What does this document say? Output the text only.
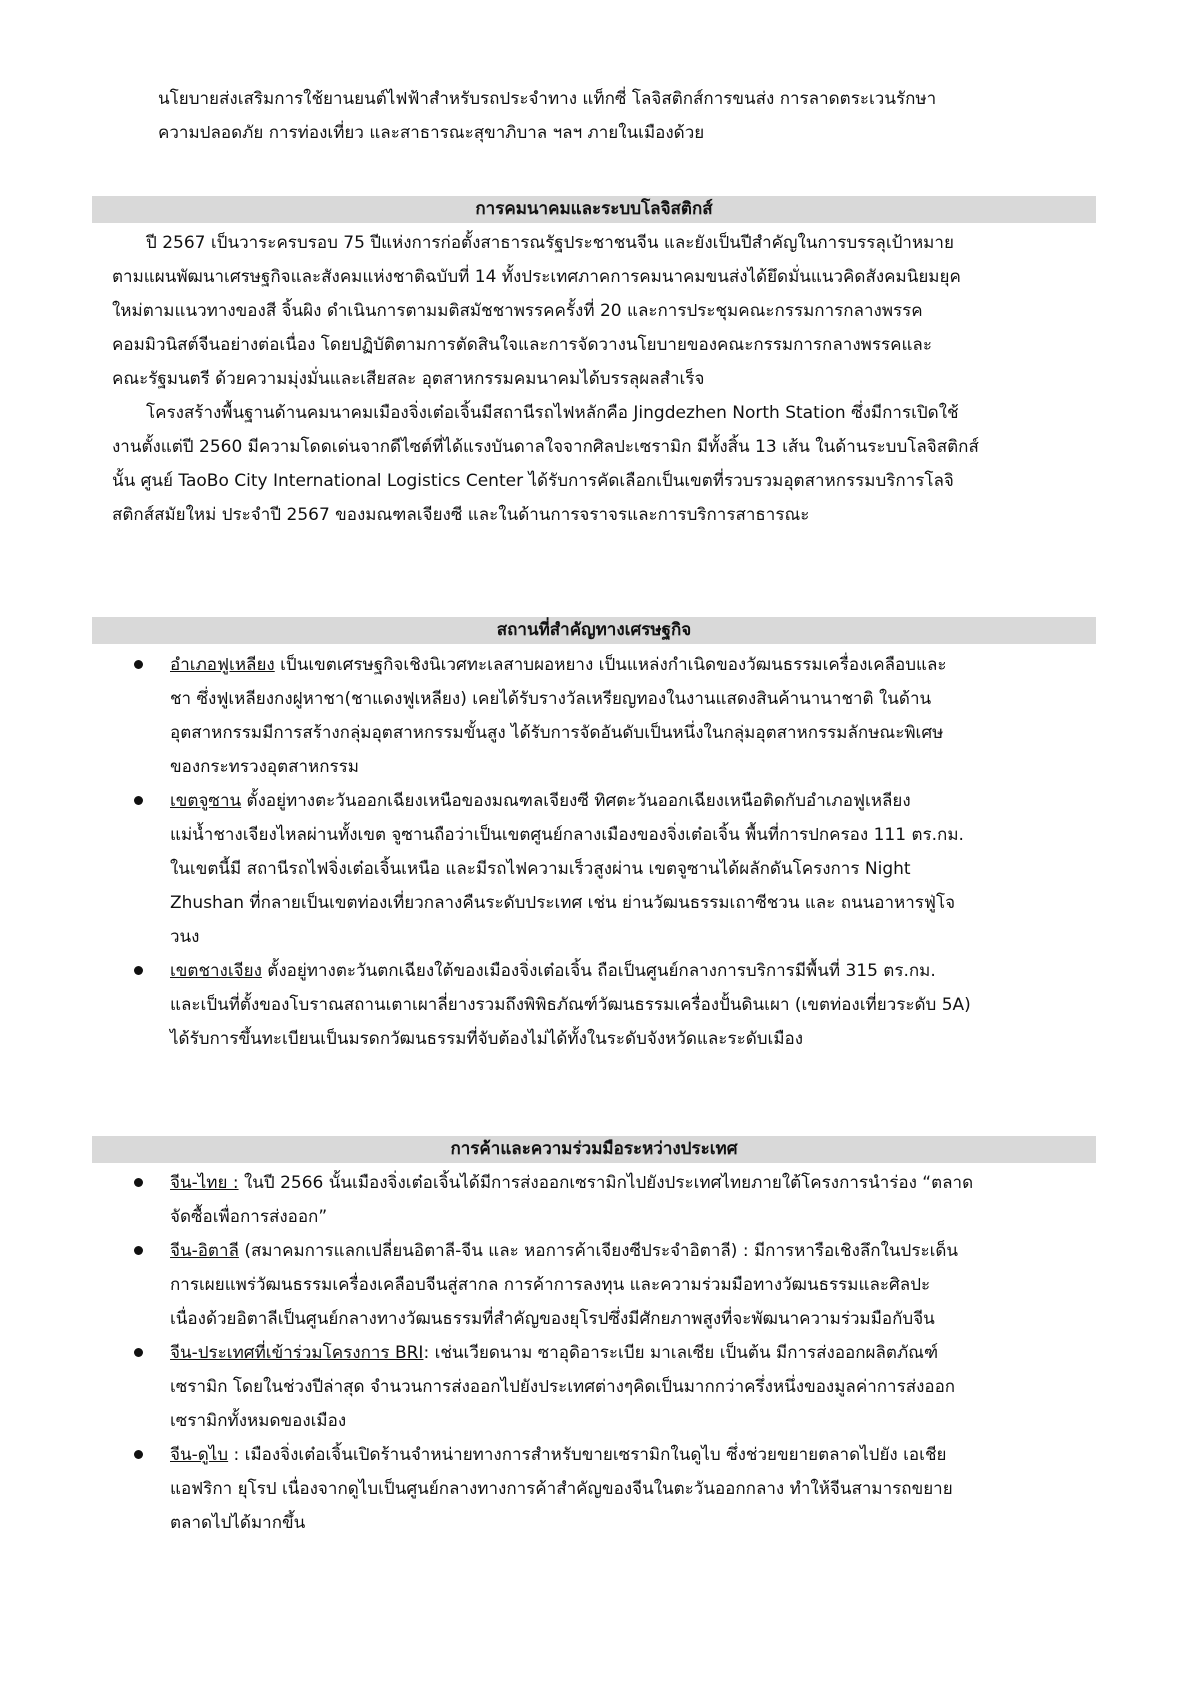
นโยบายส่งเสริมการใช้ยานยนต์ไฟฟ้าสำหรับรถประจำทาง แท็กซี่ โลจิสติกส์การขนส่ง การลาดตระเวนรักษา
ความปลอดภัย การท่องเที่ยว และสาธารณะสุขาภิบาล ฯลฯ ภายในเมืองด้วย
การคมนาคมและระบบโลจิสติกส์
ปี 2567 เป็นวาระครบรอบ 75 ปีแห่งการก่อตั้งสาธารณรัฐประชาชนจีน และยังเป็นปีสำคัญในการบรรลุเป้าหมาย
ตามแผนพัฒนาเศรษฐกิจและสังคมแห่งชาติฉบับที่ 14 ทั้งประเทศภาคการคมนาคมขนส่งได้ยึดมั่นแนวคิดสังคมนิยมยุค
ใหม่ตามแนวทางของสี จิ้นผิง ดำเนินการตามมติสมัชชาพรรคครั้งที่ 20 และการประชุมคณะกรรมการกลางพรรค
คอมมิวนิสต์จีนอย่างต่อเนื่อง โดยปฏิบัติตามการตัดสินใจและการจัดวางนโยบายของคณะกรรมการกลางพรรคและ
คณะรัฐมนตรี ด้วยความมุ่งมั่นและเสียสละ อุตสาหกรรมคมนาคมได้บรรลุผลสำเร็จ
โครงสร้างพื้นฐานด้านคมนาคมเมืองจิ่งเต๋อเจิ้นมีสถานีรถไฟหลักคือ Jingdezhen North Station ซึ่งมีการเปิดใช้
งานตั้งแต่ปี 2560 มีความโดดเด่นจากดีไซต์ที่ได้แรงบันดาลใจจากศิลปะเซรามิก มีทั้งสิ้น 13 เส้น ในด้านระบบโลจิสติกส์
นั้น ศูนย์ TaoBo City International Logistics Center ได้รับการคัดเลือกเป็นเขตที่รวบรวมอุตสาหกรรมบริการโลจิ
สติกส์สมัยใหม่ ประจำปี 2567 ของมณฑลเจียงซี และในด้านการจราจรและการบริการสาธารณะ
สถานที่สำคัญทางเศรษฐกิจ
อำเภอฟูเหลียง เป็นเขตเศรษฐกิจเชิงนิเวศทะเลสาบผอหยาง เป็นแหล่งกำเนิดของวัฒนธรรมเครื่องเคลือบและ
ชา ซึ่งฟูเหลียงกงฝูหาชา(ชาแดงฟูเหลียง) เคยได้รับรางวัลเหรียญทองในงานแสดงสินค้านานาชาติ ในด้าน
อุตสาหกรรมมีการสร้างกลุ่มอุตสาหกรรมขั้นสูง ได้รับการจัดอันดับเป็นหนึ่งในกลุ่มอุตสาหกรรมลักษณะพิเศษ
ของกระทรวงอุตสาหกรรม
เขตจูซาน ตั้งอยู่ทางตะวันออกเฉียงเหนือของมณฑลเจียงซี ทิศตะวันออกเฉียงเหนือติดกับอำเภอฟูเหลียง
แม่น้ำชางเจียงไหลผ่านทั้งเขต จูซานถือว่าเป็นเขตศูนย์กลางเมืองของจิ่งเต๋อเจิ้น พื้นที่การปกครอง 111 ตร.กม.
ในเขตนี้มี สถานีรถไฟจิ่งเต๋อเจิ้นเหนือ และมีรถไฟความเร็วสูงผ่าน เขตจูซานได้ผลักดันโครงการ Night
Zhushan ที่กลายเป็นเขตท่องเที่ยวกลางคืนระดับประเทศ เช่น ย่านวัฒนธรรมเถาซีชวน และ ถนนอาหารฟู่โจ
วนง
เขตชางเจียง ตั้งอยู่ทางตะวันตกเฉียงใต้ของเมืองจิ่งเต๋อเจิ้น ถือเป็นศูนย์กลางการบริการมีพื้นที่ 315 ตร.กม.
และเป็นที่ตั้งของโบราณสถานเตาเผาลี่ยางรวมถึงพิพิธภัณฑ์วัฒนธรรมเครื่องปั้นดินเผา (เขตท่องเที่ยวระดับ 5A)
ได้รับการขึ้นทะเบียนเป็นมรดกวัฒนธรรมที่จับต้องไม่ได้ทั้งในระดับจังหวัดและระดับเมือง
การค้าและความร่วมมือระหว่างประเทศ
จีน-ไทย : ในปี 2566 นั้นเมืองจิ่งเต๋อเจิ้นได้มีการส่งออกเซรามิกไปยังประเทศไทยภายใต้โครงการนำร่อง “ตลาด
จัดซื้อเพื่อการส่งออก”
จีน-อิตาลี (สมาคมการแลกเปลี่ยนอิตาลี-จีน และ หอการค้าเจียงซีประจำอิตาลี) : มีการหารือเชิงลึกในประเด็น
การเผยแพร่วัฒนธรรมเครื่องเคลือบจีนสู่สากล การค้าการลงทุน และความร่วมมือทางวัฒนธรรมและศิลปะ
เนื่องด้วยอิตาลีเป็นศูนย์กลางทางวัฒนธรรมที่สำคัญของยุโรปซึ่งมีศักยภาพสูงที่จะพัฒนาความร่วมมือกับจีน
จีน-ประเทศที่เข้าร่วมโครงการ BRI: เช่นเวียดนาม ซาอุดิอาระเบีย มาเลเซีย เป็นต้น มีการส่งออกผลิตภัณฑ์
เซรามิก โดยในช่วงปีล่าสุด จำนวนการส่งออกไปยังประเทศต่างๆคิดเป็นมากกว่าครึ่งหนึ่งของมูลค่าการส่งออก
เซรามิกทั้งหมดของเมือง
จีน-ดูไบ : เมืองจิ่งเต๋อเจิ้นเปิดร้านจำหน่ายทางการสำหรับขายเซรามิกในดูไบ ซึ่งช่วยขยายตลาดไปยัง เอเชีย
แอฟริกา ยุโรป เนื่องจากดูไบเป็นศูนย์กลางทางการค้าสำคัญของจีนในตะวันออกกลาง ทำให้จีนสามารถขยาย
ตลาดไปได้มากขึ้น
